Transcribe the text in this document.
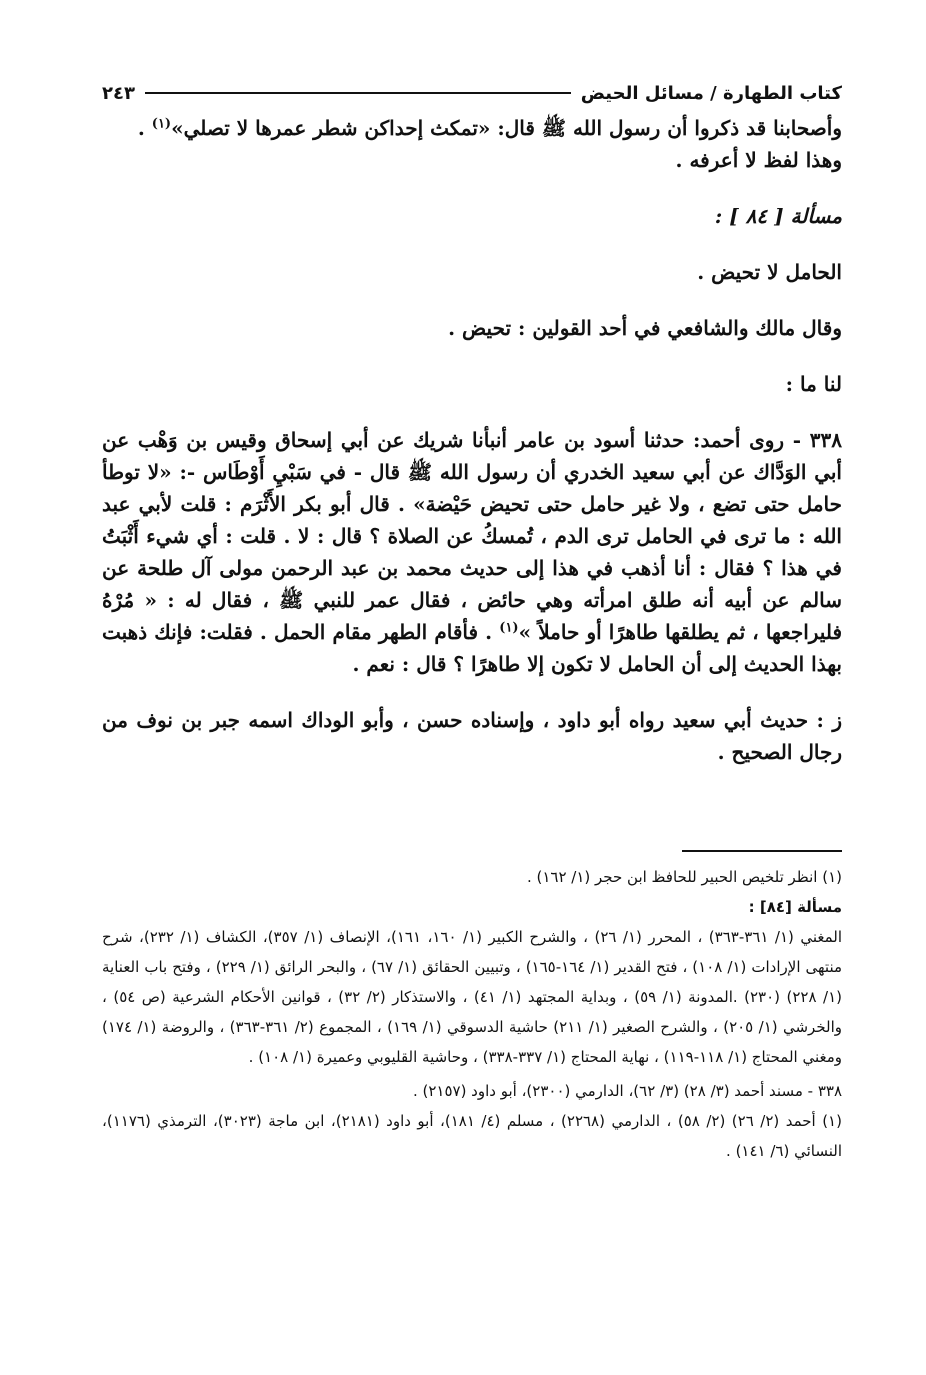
كتاب الطهارة / مسائل الحيض
٢٤٣

وأصحابنا قد ذكروا أن رسول الله ﷺ قال: «تمكث إحداكن شطر عمرها لا تصلي»$^{(١)}$ .

وهذا لفظ لا أعرفه .

مسألة [ ٨٤ ] :

الحامل لا تحيض .

وقال مالك والشافعي في أحد القولين : تحيض .

لنا ما :

٣٣٨ - روى أحمد: حدثنا أسود بن عامر أنبأنا شريك عن أبي إسحاق وقيس بن وَهْب عن أبي الوَدَّاك عن أبي سعيد الخدري أن رسول الله ﷺ قال - في سَبْيِ أَوْطَاس -: «لا توطأ حامل حتى تضع ، ولا غير حامل حتى تحيض حَيْضة» . قال أبو بكر الأَثْرَم : قلت لأبي عبد الله : ما ترى في الحامل ترى الدم ، تُمسكُ عن الصلاة ؟ قال : لا . قلت : أي شيء أَثْبَتُ في هذا ؟ فقال : أنا أذهب في هذا إلى حديث محمد بن عبد الرحمن مولى آل طلحة عن سالم عن أبيه أنه طلق امرأته وهي حائض ، فقال عمر للنبي ﷺ ، فقال له : « مُرْهُ فليراجعها ، ثم يطلقها طاهرًا أو حاملاً »$^{(١)}$ . فأقام الطهر مقام الحمل . فقلت: فإنك ذهبت بهذا الحديث إلى أن الحامل لا تكون إلا طاهرًا ؟ قال : نعم .

ز : حديث أبي سعيد رواه أبو داود ، وإسناده حسن ، وأبو الوداك اسمه جبر بن نوف من رجال الصحيح .

(١) انظر تلخيص الحبير للحافظ ابن حجر (١/ ١٦٢) .

مسألة [٨٤] :

المغني (١/ ٣٦١-٣٦٣) ، المحرر (١/ ٢٦) ، والشرح الكبير (١/ ١٦٠، ١٦١)، الإنصاف (١/ ٣٥٧)، الكشاف (١/ ٢٣٢)، شرح منتهى الإرادات (١/ ١٠٨) ، فتح القدير (١/ ١٦٤-١٦٥) ، وتبيين الحقائق (١/ ٦٧) ، والبحر الرائق (١/ ٢٢٩) ، وفتح باب العناية (١/ ٢٢٨) (٢٣٠) .المدونة (١/ ٥٩) ، وبداية المجتهد (١/ ٤١) ، والاستذكار (٢/ ٣٢) ، قوانين الأحكام الشرعية (ص ٥٤) ، والخرشي (١/ ٢٠٥) ، والشرح الصغير (١/ ٢١١) حاشية الدسوقي (١/ ١٦٩) ، المجموع (٢/ ٣٦١-٣٦٣) ، والروضة (١/ ١٧٤) ومغني المحتاج (١/ ١١٨-١١٩) ، نهاية المحتاج (١/ ٣٣٧-٣٣٨) ، وحاشية القليوبي وعميرة (١/ ١٠٨) .

٣٣٨ - مسند أحمد (٣/ ٢٨) (٣/ ٦٢)، الدارمي (٢٣٠٠)، أبو داود (٢١٥٧) .

(١) أحمد (٢/ ٢٦) (٢/ ٥٨) ، الدارمي (٢٢٦٨) ، مسلم (٤/ ١٨١)، أبو داود (٢١٨١)، ابن ماجة (٣٠٢٣)، الترمذي (١١٧٦)، النسائي (٦/ ١٤١) .
